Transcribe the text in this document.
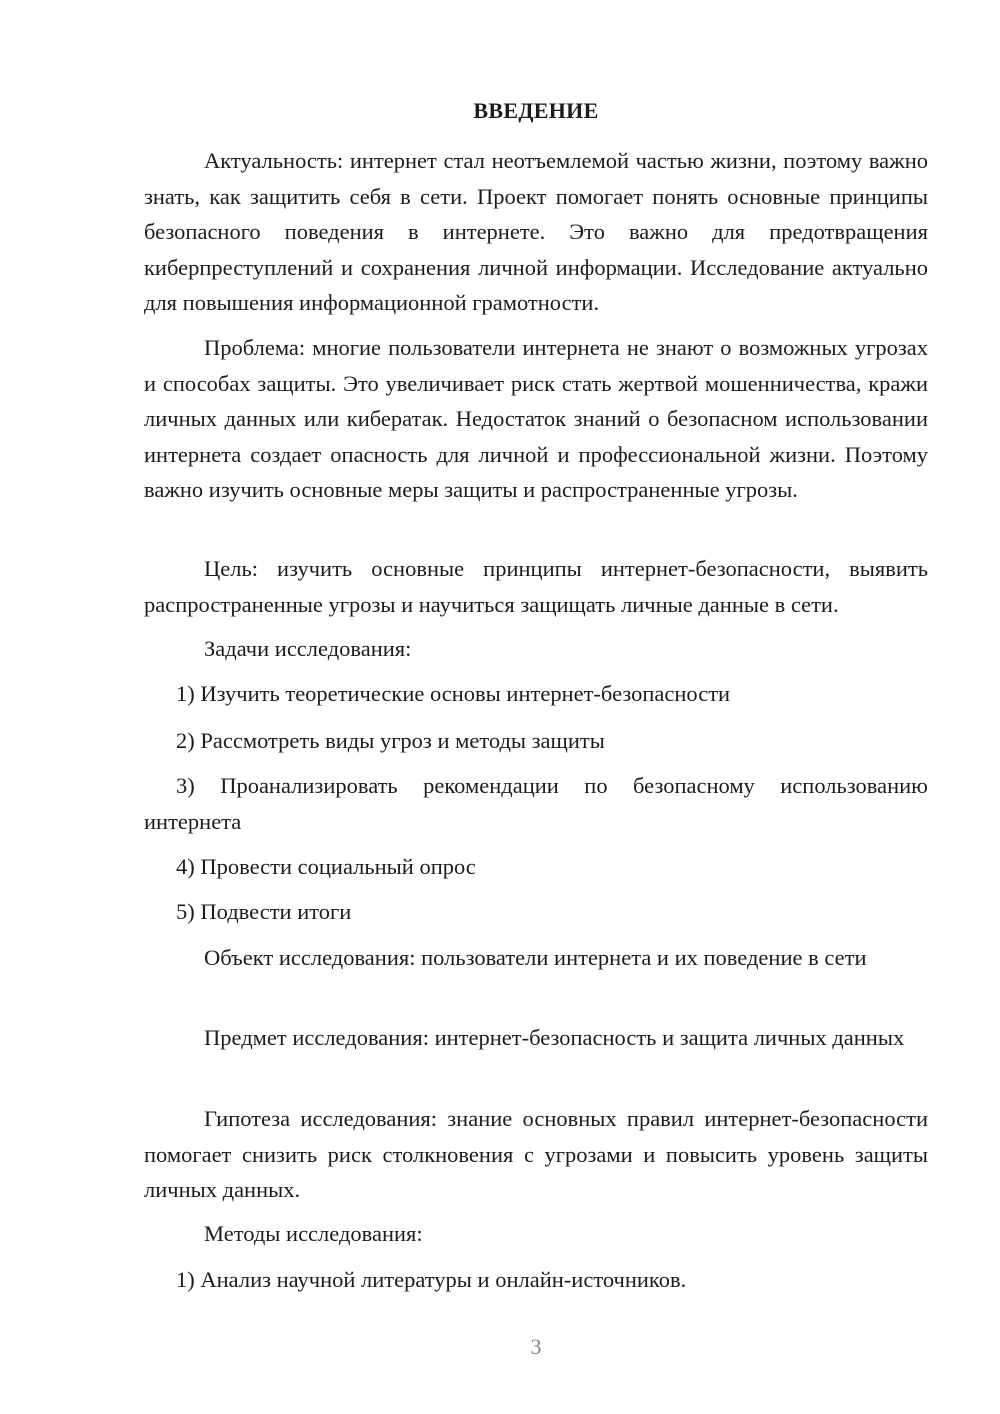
ВВЕДЕНИЕ

Актуальность: интернет стал неотъемлемой частью жизни, поэтому важно знать, как защитить себя в сети. Проект помогает понять основные принципы безопасного поведения в интернете. Это важно для предотвращения киберпреступлений и сохранения личной информации. Исследование актуально для повышения информационной грамотности.

Проблема: многие пользователи интернета не знают о возможных угрозах и способах защиты. Это увеличивает риск стать жертвой мошенничества, кражи личных данных или кибератак. Недостаток знаний о безопасном использовании интернета создает опасность для личной и профессиональной жизни. Поэтому важно изучить основные меры защиты и распространенные угрозы.

Цель: изучить основные принципы интернет-безопасности, выявить распространенные угрозы и научиться защищать личные данные в сети.

Задачи исследования:

1) Изучить теоретические основы интернет-безопасности

2) Рассмотреть виды угроз и методы защиты

3) Проанализировать рекомендации по безопасному использованию интернета

4) Провести социальный опрос

5) Подвести итоги

Объект исследования: пользователи интернета и их поведение в сети

Предмет исследования: интернет-безопасность и защита личных данных

Гипотеза исследования: знание основных правил интернет-безопасности помогает снизить риск столкновения с угрозами и повысить уровень защиты личных данных.

Методы исследования:

1) Анализ научной литературы и онлайн-источников.

3
